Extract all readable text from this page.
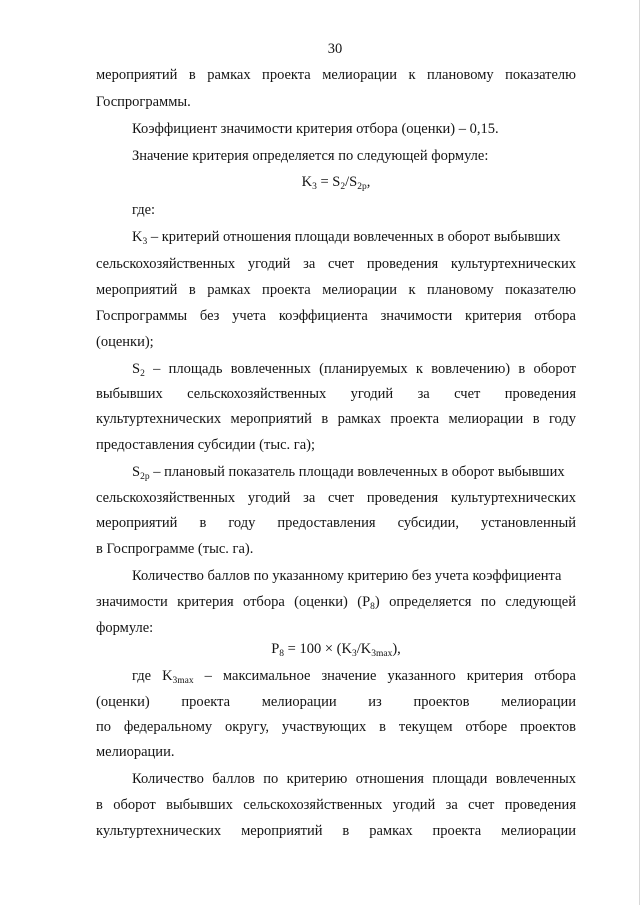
30
мероприятий в рамках проекта мелиорации к плановому показателю
Госпрограммы.
Коэффициент значимости критерия отбора (оценки) – 0,15.
Значение критерия определяется по следующей формуле:
$K_3 = S_2/S_{2р}$,
где:
$K_3$ – критерий отношения площади вовлеченных в оборот выбывших
сельскохозяйственных угодий за счет проведения культуртехнических
мероприятий в рамках проекта мелиорации к плановому показателю
Госпрограммы без учета коэффициента значимости критерия отбора
(оценки);
$S_2$ – площадь вовлеченных (планируемых к вовлечению) в оборот
выбывших сельскохозяйственных угодий за счет проведения
культуртехнических мероприятий в рамках проекта мелиорации в году
предоставления субсидии (тыс. га);
$S_{2р}$ – плановый показатель площади вовлеченных в оборот выбывших
сельскохозяйственных угодий за счет проведения культуртехнических
мероприятий в году предоставления субсидии, установленный
в Госпрограмме (тыс. га).
Количество баллов по указанному критерию без учета коэффициента
значимости критерия отбора (оценки) $(P_8)$ определяется по следующей
формуле:
$P_8 = 100 \times (K_3/K_{3max})$,
где $K_{3max}$ – максимальное значение указанного критерия отбора
(оценки) проекта мелиорации из проектов мелиорации
по федеральному округу, участвующих в текущем отборе проектов
мелиорации.
Количество баллов по критерию отношения площади вовлеченных
в оборот выбывших сельскохозяйственных угодий за счет проведения
культуртехнических мероприятий в рамках проекта мелиорации
